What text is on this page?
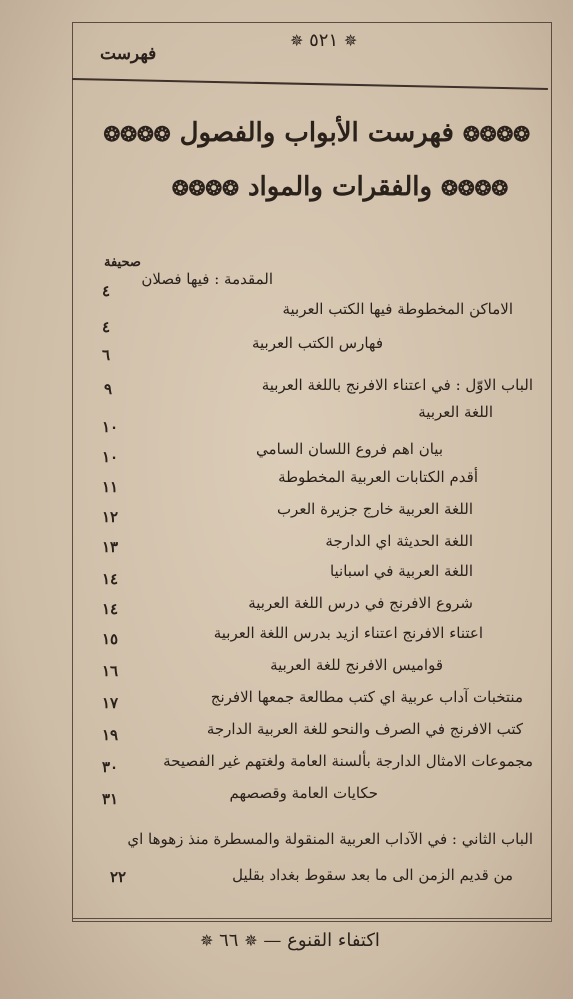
✵ ٥٢١ ✵
فهرست
❂❂❂❂ فهرست الأبواب والفصول ❂❂❂❂
❂❂❂❂ والفقرات والمواد ❂❂❂❂
صحيفة
المقدمة : فيها فصلان
٤
الاماكن المخطوطة فيها الكتب العربية
٤
فهارس الكتب العربية
٦
الباب الاوّل : في اعتناء الافرنج باللغة العربية
٩
اللغة العربية
١٠
بيان اهم فروع اللسان السامي
١٠
أقدم الكتابات العربية المخطوطة
١١
اللغة العربية خارج جزيرة العرب
١٢
اللغة الحديثة اي الدارجة
١٣
اللغة العربية في اسبانيا
١٤
شروع الافرنج في درس اللغة العربية
١٤
اعتناء الافرنج اعتناء ازيد بدرس اللغة العربية
١٥
قواميس الافرنج للغة العربية
١٦
منتخبات آداب عربية اي كتب مطالعة جمعها الافرنج
١٧
كتب الافرنج في الصرف والنحو للغة العربية الدارجة
١٩
مجموعات الامثال الدارجة بألسنة العامة ولغتهم غير الفصيحة
٣٠
حكايات العامة وقصصهم
٣١
الباب الثاني : في الآداب العربية المنقولة والمسطرة منذ زهوها اي
من قديم الزمن الى ما بعد سقوط بغداد بقليل
٢٢
اكتفاء القنوع — ✵ ٦٦ ✵
